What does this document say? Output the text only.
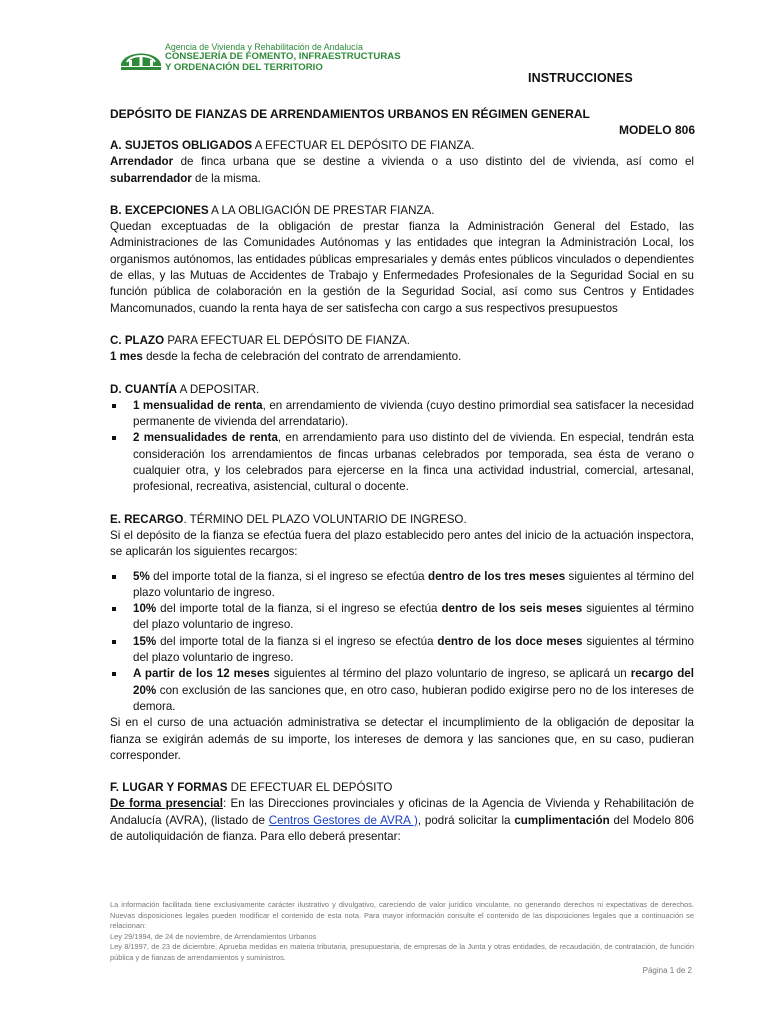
Agencia de Vivienda y Rehabilitación de Andalucía
CONSEJERÍA DE FOMENTO, INFRAESTRUCTURAS
Y ORDENACIÓN DEL TERRITORIO
INSTRUCCIONES
DEPÓSITO DE FIANZAS DE ARRENDAMIENTOS URBANOS EN RÉGIMEN GENERAL
MODELO 806

A. SUJETOS OBLIGADOS A EFECTUAR EL DEPÓSITO DE FIANZA.

Arrendador de finca urbana que se destine a vivienda o a uso distinto del de vivienda, así como el subarrendador de la misma.

B. EXCEPCIONES A LA OBLIGACIÓN DE PRESTAR FIANZA.

Quedan exceptuadas de la obligación de prestar fianza la Administración General del Estado, las Administraciones de las Comunidades Autónomas y las entidades que integran la Administración Local, los organismos autónomos, las entidades públicas empresariales y demás entes públicos vinculados o dependientes de ellas, y las Mutuas de Accidentes de Trabajo y Enfermedades Profesionales de la Seguridad Social en su función pública de colaboración en la gestión de la Seguridad Social, así como sus Centros y Entidades Mancomunados, cuando la renta haya de ser satisfecha con cargo a sus respectivos presupuestos

C. PLAZO PARA EFECTUAR EL DEPÓSITO DE FIANZA.

1 mes desde la fecha de celebración del contrato de arrendamiento.

D. CUANTÍA A DEPOSITAR.

1 mensualidad de renta, en arrendamiento de vivienda (cuyo destino primordial sea satisfacer la necesidad permanente de vivienda del arrendatario).
2 mensualidades de renta, en arrendamiento para uso distinto del de vivienda. En especial, tendrán esta consideración los arrendamientos de fincas urbanas celebrados por temporada, sea ésta de verano o cualquier otra, y los celebrados para ejercerse en la finca una actividad industrial, comercial, artesanal, profesional, recreativa, asistencial, cultural o docente.

E. RECARGO. TÉRMINO DEL PLAZO VOLUNTARIO DE INGRESO.

Si el depósito de la fianza se efectúa fuera del plazo establecido pero antes del inicio de la actuación inspectora, se aplicarán los siguientes recargos:

5% del importe total de la fianza, si el ingreso se efectúa dentro de los tres meses siguientes al término del plazo voluntario de ingreso.
10% del importe total de la fianza, si el ingreso se efectúa dentro de los seis meses siguientes al término del plazo voluntario de ingreso.
15% del importe total de la fianza si el ingreso se efectúa dentro de los doce meses siguientes al término del plazo voluntario de ingreso.
A partir de los 12 meses siguientes al término del plazo voluntario de ingreso, se aplicará un recargo del 20% con exclusión de las sanciones que, en otro caso, hubieran podido exigirse pero no de los intereses de demora.

Si en el curso de una actuación administrativa se detectar el incumplimiento de la obligación de depositar la fianza se exigirán además de su importe, los intereses de demora y las sanciones que, en su caso, pudieran corresponder.

F. LUGAR Y FORMAS DE EFECTUAR EL DEPÓSITO

De forma presencial: En las Direcciones provinciales y oficinas de la Agencia de Vivienda y Rehabilitación de Andalucía (AVRA), (listado de Centros Gestores de AVRA ), podrá solicitar la cumplimentación del Modelo 806 de autoliquidación de fianza. Para ello deberá presentar:

La información facilitada tiene exclusivamente carácter ilustrativo y divulgativo, careciendo de valor jurídico vinculante, no generando derechos ni expectativas de derechos. Nuevas disposiciones legales pueden modificar el contenido de esta nota. Para mayor información consulte el contenido de las disposiciones legales que a continuación se relacionan:

Ley 29/1994, de 24 de noviembre, de Arrendamientos Urbanos

Ley 8/1997, de 23 de diciembre, Aprueba medidas en materia tributaria, presupuestaria, de empresas de la Junta y otras entidades, de recaudación, de contratación, de función pública y de fianzas de arrendamientos y suministros.

Página 1 de 2
